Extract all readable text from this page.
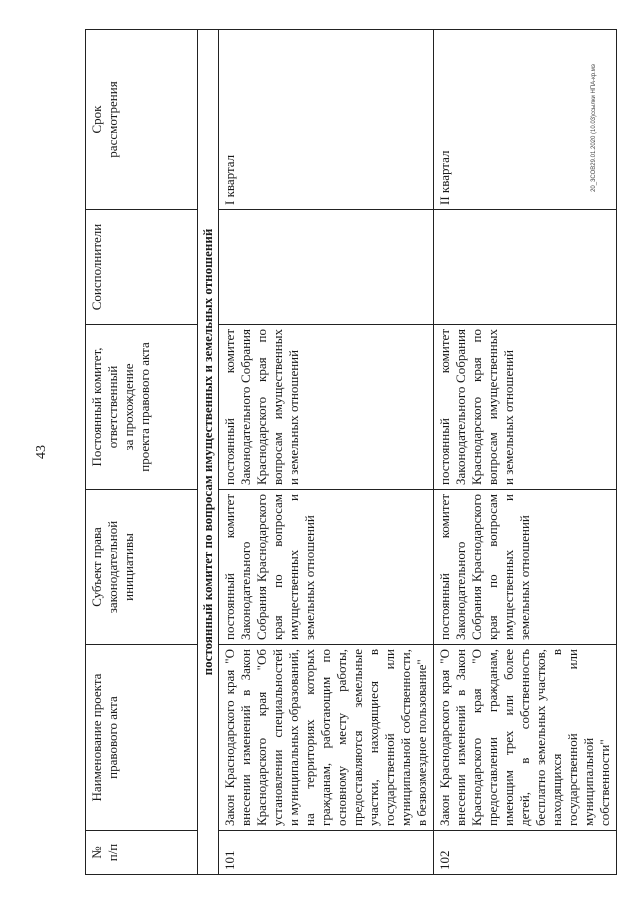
43
20_3СОВ29.01.2020 (10.03)ссылки НПА-кр.мэ
№
п/п	Наименование проекта
правового акта	Субъект права
законодательной
инициативы	Постоянный комитет,
ответственный
за прохождение
проекта правового акта	Соисполнители	Срок
рассмотрения
постоянный комитет по вопросам имущественных и земельных отношений					
101	Закон Краснодарского края "О внесении изменений в Закон Краснодарского края "Об установлении специальностей и муниципальных образований, на территориях которых гражданам, работающим по основному месту работы, предоставляются земельные участки, находящиеся в государственной или муниципальной собственности, в безвозмездное пользование"	постоянный комитет Законодательного Собрания Краснодарского края по вопросам имущественных и земельных отношений	постоянный комитет Законодательного Собрания Краснодарского края по вопросам имущественных и земельных отношений		I квартал
102	Закон Краснодарского края "О внесении изменений в Закон Краснодарского края "О предоставлении гражданам, имеющим трех или более детей, в собственность бесплатно земельных участков, находящихся в государственной или муниципальной собственности"	постоянный комитет Законодательного Собрания Краснодарского края по вопросам имущественных и земельных отношений	постоянный комитет Законодательного Собрания Краснодарского края по вопросам имущественных и земельных отношений		II квартал
